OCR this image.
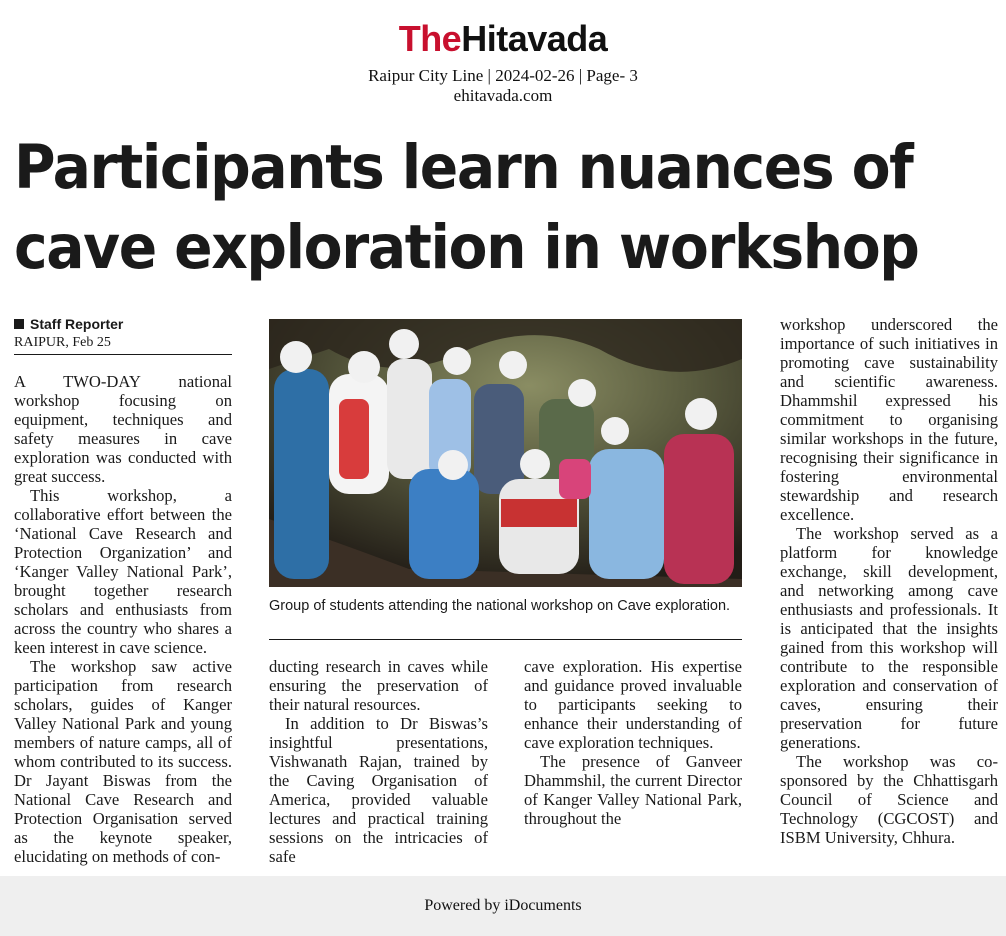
TheHitavada
Raipur City Line | 2024-02-26 | Page- 3
ehitavada.com
Participants learn nuances of
cave exploration in workshop
Staff Reporter
RAIPUR, Feb 25

A TWO-DAY national workshop focusing on equipment, techniques and safety measures in cave exploration was conducted with great success.

This workshop, a collaborative effort between the ‘National Cave Research and Protection Organization’ and ‘Kanger Valley National Park’, brought together research scholars and enthusiasts from across the country who shares a keen interest in cave science.

The workshop saw active participation from research scholars, guides of Kanger Valley National Park and young members of nature camps, all of whom contributed to its success. Dr Jayant Biswas from the National Cave Research and Protection Organisation served as the keynote speaker, elucidating on methods of con-

Group of students attending the national workshop on Cave exploration.

ducting research in caves while ensuring the preservation of their natural resources.

In addition to Dr Biswas’s insightful presentations, Vishwanath Rajan, trained by the Caving Organisation of America, provided valuable lectures and practical training sessions on the intricacies of safe

cave exploration. His expertise and guidance proved invaluable to participants seeking to enhance their understanding of cave exploration techniques.

The presence of Ganveer Dhammshil, the current Director of Kanger Valley National Park, throughout the

workshop underscored the importance of such initiatives in promoting cave sustainability and scientific awareness. Dhammshil expressed his commitment to organising similar workshops in the future, recognising their significance in fostering environmental stewardship and research excellence.

The workshop served as a platform for knowledge exchange, skill development, and networking among cave enthusiasts and professionals. It is anticipated that the insights gained from this workshop will contribute to the responsible exploration and conservation of caves, ensuring their preservation for future generations.

The workshop was co-sponsored by the Chhattisgarh Council of Science and Technology (CGCOST) and ISBM University, Chhura.

Powered by iDocuments
